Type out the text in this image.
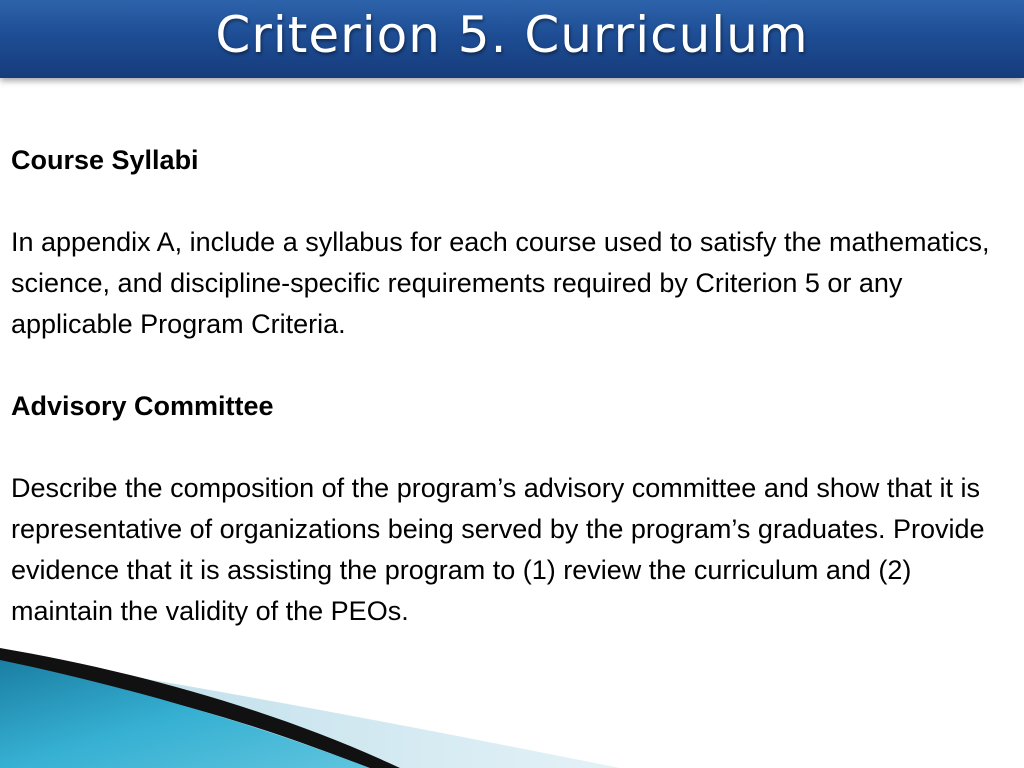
Criterion 5. Curriculum

Course Syllabi

In appendix A, include a syllabus for each course used to satisfy the mathematics, science, and discipline-specific requirements required by Criterion 5 or any applicable Program Criteria.

Advisory Committee

Describe the composition of the program’s advisory committee and show that it is representative of organizations being served by the program’s graduates. Provide evidence that it is assisting the program to (1) review the curriculum and (2) maintain the validity of the PEOs.
